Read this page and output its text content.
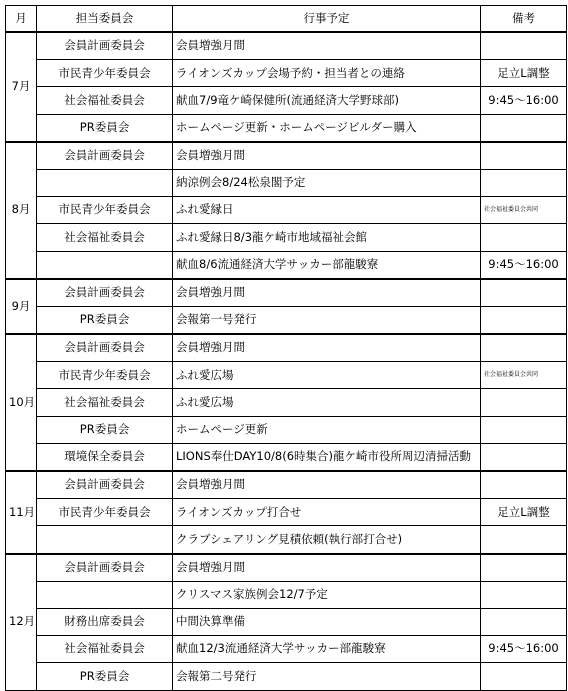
月	担当委員会	行事予定	備考
7月	会員計画委員会	会員増強月間	
	市民青少年委員会	ライオンズカップ会場予約・担当者との連絡	足立L調整
	社会福祉委員会	献血7/9竜ケ崎保健所(流通経済大学野球部)	9:45～16:00
	PR委員会	ホームページ更新・ホームページビルダー購入	
8月	会員計画委員会	会員増強月間	
		納涼例会8/24松泉閣予定	
	市民青少年委員会	ふれ愛縁日	社会福祉委員会共同
	社会福祉委員会	ふれ愛縁日8/3龍ケ崎市地域福祉会館	
		献血8/6流通経済大学サッカー部龍駿寮	9:45～16:00
9月	会員計画委員会	会員増強月間	
	PR委員会	会報第一号発行	
10月	会員計画委員会	会員増強月間	
	市民青少年委員会	ふれ愛広場	社会福祉委員会共同
	社会福祉委員会	ふれ愛広場	
	PR委員会	ホームページ更新	
	環境保全委員会	LIONS奉仕DAY10/8(6時集合)龍ケ崎市役所周辺清掃活動	
11月	会員計画委員会	会員増強月間	
	市民青少年委員会	ライオンズカップ打合せ	足立L調整
		クラブシェアリング見積依頼(執行部打合せ)	
12月	会員計画委員会	会員増強月間	
		クリスマス家族例会12/7予定	
	財務出席委員会	中間決算準備	
	社会福祉委員会	献血12/3流通経済大学サッカー部龍駿寮	9:45～16:00
	PR委員会	会報第二号発行	
